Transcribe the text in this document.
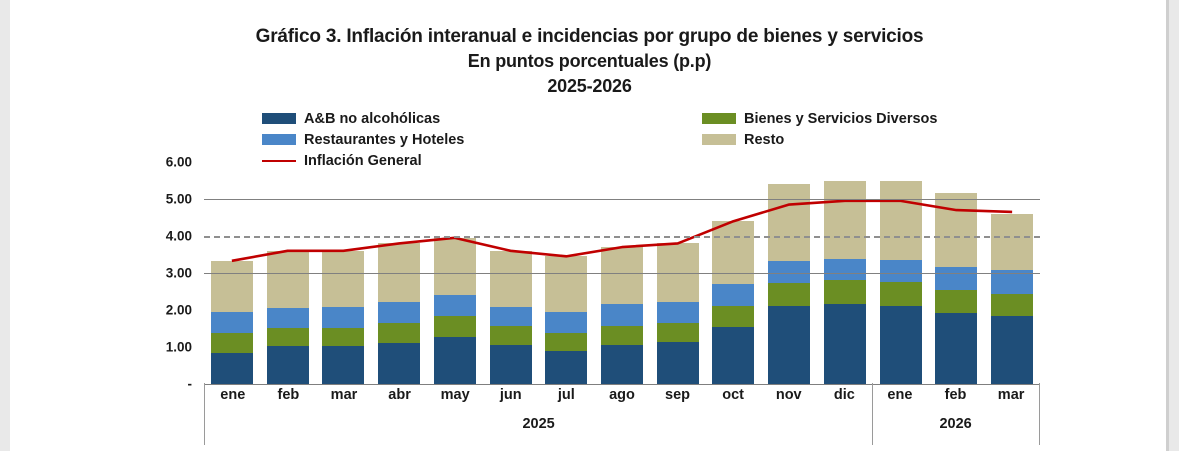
Gráfico 3. Inflación interanual e incidencias por grupo de bienes y servicios
En puntos porcentuales (p.p)
2025-2026
A&B no alcohólicas	Bienes y Servicios Diversos
Restaurantes y Hoteles	Resto
Inflación General
-
1.00
2.00
3.00
4.00
5.00
6.00
ene	feb	mar	abr	may	jun	jul	ago	sep	oct	nov	dic	ene	feb	mar
2025	2026
